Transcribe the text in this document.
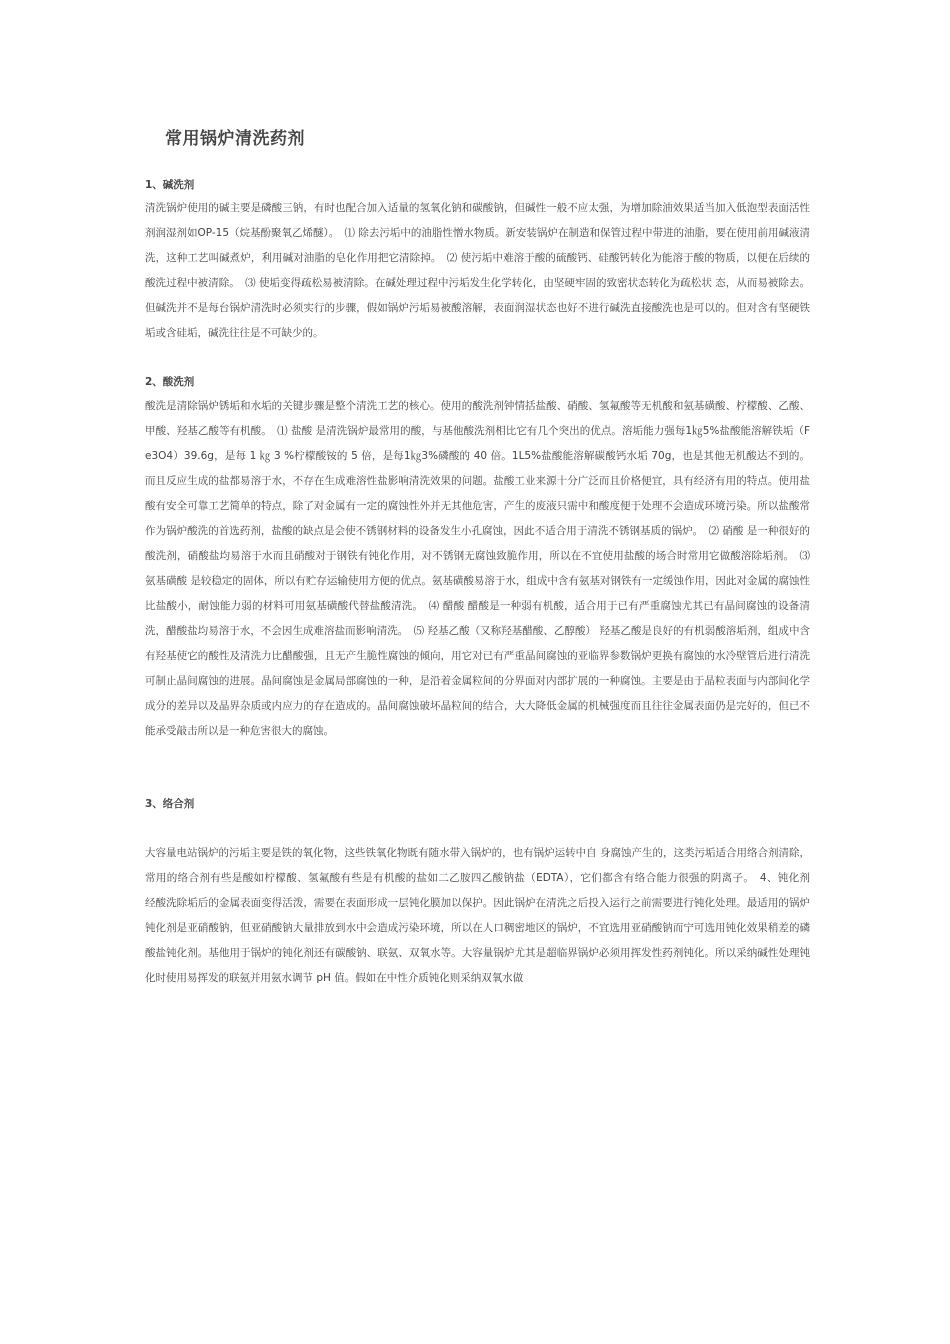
常用锅炉清洗药剂
1、碱洗剂

清洗锅炉使用的碱主要是磷酸三钠，有时也配合加入适量的氢氧化钠和碳酸钠，但碱性一般不应太强，为增加除油效果适当加入低泡型表面活性剂润湿剂如OP-15（烷基酚聚氧乙烯醚）。　⑴ 除去污垢中的油脂性憎水物质。新安装锅炉在制造和保管过程中带进的油脂，要在使用前用碱液清洗，这种工艺叫碱煮炉，利用碱对油脂的皂化作用把它清除掉。　⑵ 使污垢中难溶于酸的硫酸钙、硅酸钙转化为能溶于酸的物质，以便在后续的酸洗过程中被清除。　⑶ 使垢变得疏松易被清除。在碱处理过程中污垢发生化学转化，由坚硬牢固的致密状态转化为疏松状 态，从而易被除去。但碱洗并不是每台锅炉清洗时必须实行的步骤，假如锅炉污垢易被酸溶解，表面润湿状态也好不进行碱洗直接酸洗也是可以的。但对含有坚硬铁垢或含硅垢，碱洗往往是不可缺少的。

2、酸洗剂

酸洗是清除锅炉锈垢和水垢的关键步骤是整个清洗工艺的核心。使用的酸洗剂钟情括盐酸、硝酸、氢氟酸等无机酸和氨基磺酸、柠檬酸、乙酸、甲酸、羟基乙酸等有机酸。　⑴ 盐酸 是清洗锅炉最常用的酸，与基他酸洗剂相比它有几个突出的优点。溶垢能力强每1㎏5%盐酸能溶解铁垢（Fe3O4）39.6g，是每 1 ㎏ 3 %柠檬酸铵的 5 倍，是每1㎏3%磷酸的 40 倍。1L5%盐酸能溶解碳酸钙水垢 70g，也是其他无机酸达不到的。而且反应生成的盐都易溶于水，不存在生成难溶性盐影响清洗效果的问题。盐酸工业来源十分广泛而且价格便宜，具有经济有用的特点。使用盐酸有安全可靠工艺简单的特点，除了对金属有一定的腐蚀性外并无其他危害，产生的废液只需中和酸度便于处理不会造成环境污染。所以盐酸常作为锅炉酸洗的首选药剂，盐酸的缺点是会使不锈钢材料的设备发生小孔腐蚀，因此不适合用于清洗不锈钢基质的锅炉。　⑵ 硝酸 是一种很好的酸洗剂，硝酸盐均易溶于水而且硝酸对于钢铁有钝化作用，对不锈钢无腐蚀致脆作用，所以在不宜使用盐酸的场合时常用它做酸溶除垢剂。　⑶ 氨基磺酸 是较稳定的固体，所以有贮存运输使用方便的优点。氨基磺酸易溶于水，组成中含有氨基对钢铁有一定缓蚀作用，因此对金属的腐蚀性比盐酸小，耐蚀能力弱的材料可用氨基磺酸代替盐酸清洗。　⑷ 醋酸 醋酸是一种弱有机酸，适合用于已有严重腐蚀尤其已有晶间腐蚀的设备清洗，醋酸盐均易溶于水，不会因生成难溶盐而影响清洗。　⑸ 羟基乙酸（又称羟基醋酸、乙醇酸） 羟基乙酸是良好的有机弱酸溶垢剂，组成中含有羟基使它的酸性及清洗力比醋酸强，且无产生脆性腐蚀的倾向，用它对已有严重晶间腐蚀的亚临界参数锅炉更换有腐蚀的水冷壁管后进行清洗可制止晶间腐蚀的进展。晶间腐蚀是金属局部腐蚀的一种，是沿着金属粒间的分界面对内部扩展的一种腐蚀。主要是由于晶粒表面与内部间化学成分的差异以及晶界杂质或内应力的存在造成的。晶间腐蚀破坏晶粒间的结合，大大降低金属的机械强度而且往往金属表面仍是完好的，但已不能承受敲击所以是一种危害很大的腐蚀。

3、络合剂

大容量电站锅炉的污垢主要是铁的氧化物，这些铁氧化物既有随水带入锅炉的，也有锅炉运转中自 身腐蚀产生的，这类污垢适合用络合剂清除，常用的络合剂有些是酸如柠檬酸、氢氟酸有些是有机酸的盐如二乙胺四乙酸钠盐（EDTA），它们都含有络合能力很强的阴离子。　4、钝化剂　 经酸洗除垢后的金属表面变得活泼，需要在表面形成一层钝化膜加以保护。因此锅炉在清洗之后投入运行之前需要进行钝化处理。最适用的锅炉钝化剂是亚硝酸钠，但亚硝酸钠大量排放到水中会造成污染环境，所以在人口稠密地区的锅炉，不宜选用亚硝酸钠而宁可选用钝化效果稍差的磷酸盐钝化剂。基他用于锅炉的钝化剂还有碳酸钠、联氨、双氧水等。大容量锅炉尤其是超临界锅炉必须用挥发性药剂钝化。所以采纳碱性处理钝化时使用易挥发的联氨并用氨水调节 pH 值。假如在中性介质钝化则采纳双氧水做
